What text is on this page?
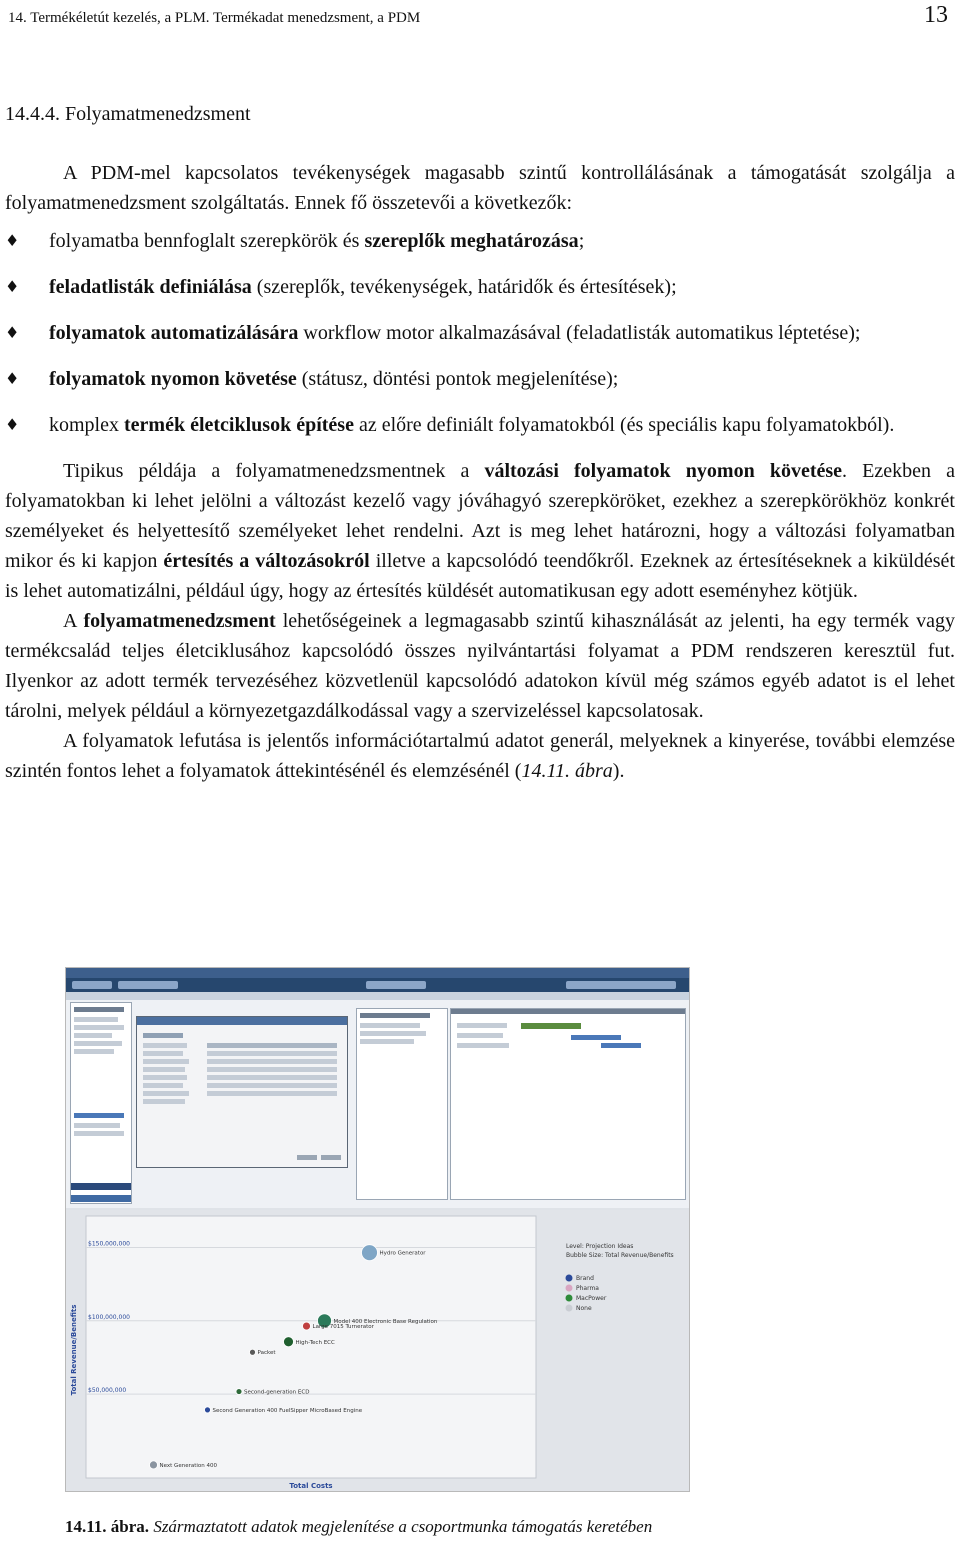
14. Termékéletút kezelés, a PLM. Termékadat menedzsment, a PDM	13
14.4.4. Folyamatmenedzsment

A PDM-mel kapcsolatos tevékenységek magasabb szintű kontrollálásának a támogatását szolgálja a folyamatmenedzsment szolgáltatás. Ennek fő összetevői a következők:

♦ folyamatba bennfoglalt szerepkörök és szereplők meghatározása;
♦ feladatlisták definiálása (szereplők, tevékenységek, határidők és értesítések);
♦ folyamatok automatizálására workflow motor alkalmazásával (feladatlisták automatikus léptetése);
♦ folyamatok nyomon követése (státusz, döntési pontok megjelenítése);
♦ komplex termék életciklusok építése az előre definiált folyamatokból (és speciális kapu folyamatokból).

Tipikus példája a folyamatmenedzsmentnek a változási folyamatok nyomon követése. Ezekben a folyamatokban ki lehet jelölni a változást kezelő vagy jóváhagyó szerepköröket, ezekhez a szerepkörökhöz konkrét személyeket és helyettesítő személyeket lehet rendelni. Azt is meg lehet határozni, hogy a változási folyamatban mikor és ki kapjon értesítés a változásokról illetve a kapcsolódó teendőkről. Ezeknek az értesítéseknek a kiküldését is lehet automatizálni, például úgy, hogy az értesítés küldését automatikusan egy adott eseményhez kötjük.

A folyamatmenedzsment lehetőségeinek a legmagasabb szintű kihasználását az jelenti, ha egy termék vagy termékcsalád teljes életciklusához kapcsolódó összes nyilvántartási folyamat a PDM rendszeren keresztül fut. Ilyenkor az adott termék tervezéséhez közvetlenül kapcsolódó adatokon kívül még számos egyéb adatot is el lehet tárolni, melyek például a környezetgazdálkodással vagy a szervizeléssel kapcsolatosak.

A folyamatok lefutása is jelentős információtartalmú adatot generál, melyeknek a kinyerése, további elemzése szintén fontos lehet a folyamatok áttekintésénél és elemzésénél (14.11. ábra).

$150,000,000
$100,000,000
$50,000,000
Total Revenue/Benefits
Total Costs
Hydro Generator
Model 400 Electronic Base Regulation
Large 7015 Turnerator
High-Tech ECC
Packet
Second-generation ECD
Second Generation 400 FuelSipper MicroBased Engine
Next Generation 400
Level: Projection Ideas
Bubble Size: Total Revenue/Benefits
Brand
Pharma
MacPower
None
14.11. ábra. Származtatott adatok megjelenítése a csoportmunka támogatás keretében
